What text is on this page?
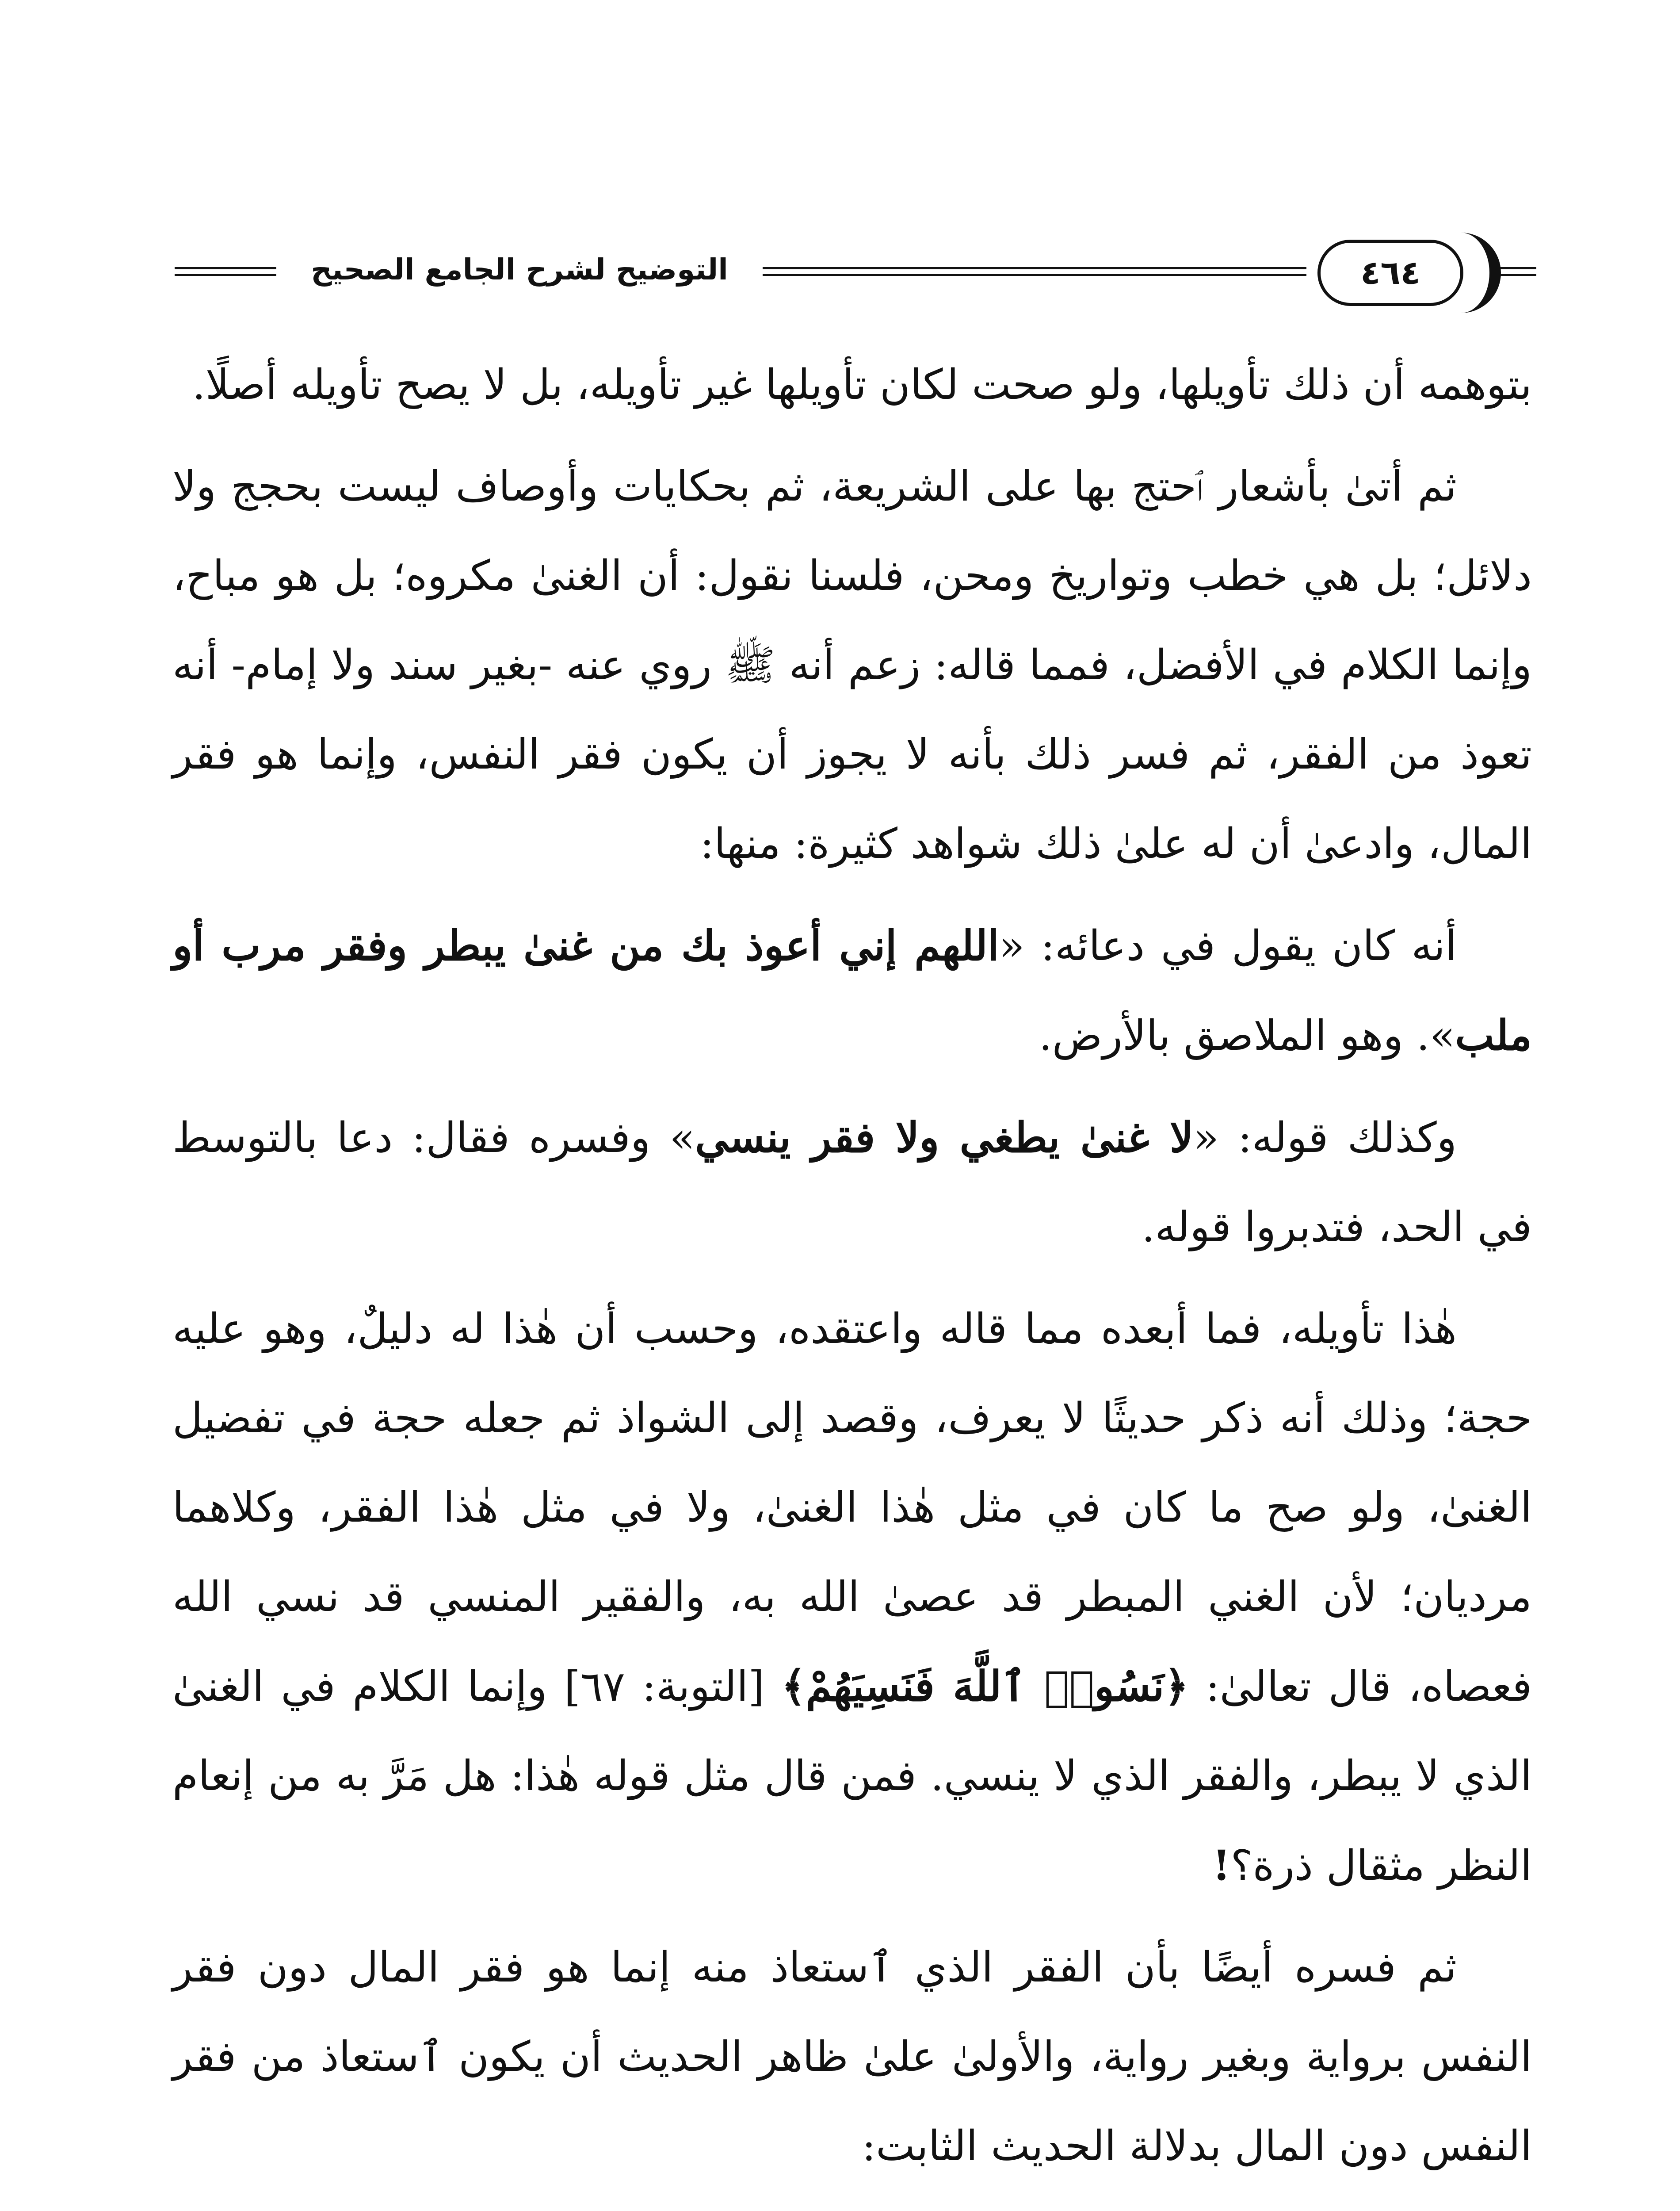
التوضيح لشرح الجامع الصحيح	٤٦٤

بتوهمه أن ذلك تأويلها، ولو صحت لكان تأويلها غير تأويله، بل لا يصح تأويله أصلًا.

ثم أتىٰ بأشعار ٱحتج بها على الشريعة، ثم بحكايات وأوصاف ليست بحجج ولا دلائل؛ بل هي خطب وتواريخ ومحن، فلسنا نقول: أن الغنىٰ مكروه؛ بل هو مباح، وإنما الكلام في الأفضل، فمما قاله: زعم أنه ﷺ روي عنه -بغير سند ولا إمام- أنه تعوذ من الفقر، ثم فسر ذلك بأنه لا يجوز أن يكون فقر النفس، وإنما هو فقر المال، وادعىٰ أن له علىٰ ذلك شواهد كثيرة: منها:

أنه كان يقول في دعائه: «اللهم إني أعوذ بك من غنىٰ يبطر وفقر مرب أو ملب». وهو الملاصق بالأرض.

وكذلك قوله: «لا غنىٰ يطغي ولا فقر ينسي» وفسره فقال: دعا بالتوسط في الحد، فتدبروا قوله.

هٰذا تأويله، فما أبعده مما قاله واعتقده، وحسب أن هٰذا له دليلٌ، وهو عليه حجة؛ وذلك أنه ذكر حديثًا لا يعرف، وقصد إلى الشواذ ثم جعله حجة في تفضيل الغنىٰ، ولو صح ما كان في مثل هٰذا الغنىٰ، ولا في مثل هٰذا الفقر، وكلاهما مرديان؛ لأن الغني المبطر قد عصىٰ الله به، والفقير المنسي قد نسي الله فعصاه، قال تعالىٰ: ﴿نَسُوا۟ ٱللَّهَ فَنَسِيَهُمْ﴾ [التوبة: ٦٧] وإنما الكلام في الغنىٰ الذي لا يبطر، والفقر الذي لا ينسي. فمن قال مثل قوله هٰذا: هل مَرَّ به من إنعام النظر مثقال ذرة؟!

ثم فسره أيضًا بأن الفقر الذي ٱستعاذ منه إنما هو فقر المال دون فقر النفس برواية وبغير رواية، والأولىٰ علىٰ ظاهر الحديث أن يكون ٱستعاذ من فقر النفس دون المال بدلالة الحديث الثابت:
